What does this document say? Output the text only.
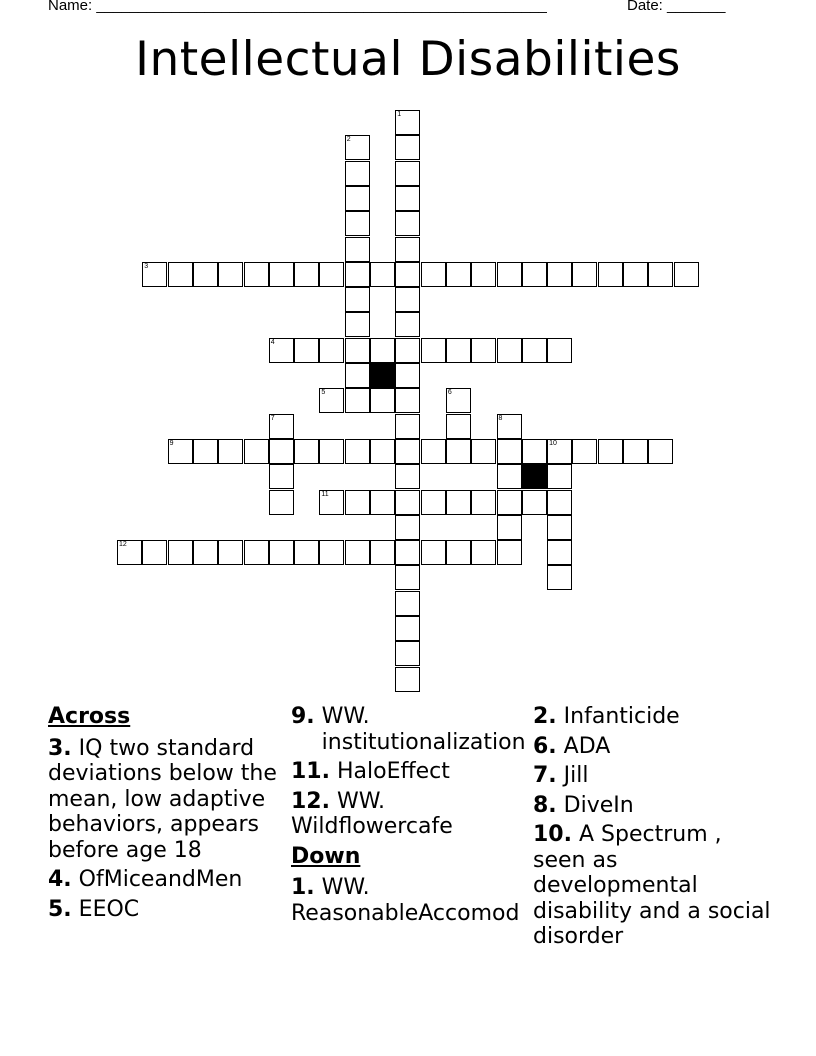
Name: ______________________________________________________	Date: _______
Intellectual Disabilities
1
2
3
4
5	6
7	8
9	10
11
12
Across
3. IQ two standard deviations below the mean, low adaptive behaviors, appears before age 18
4. OfMiceandMen
5. EEOC
9. WW. institutionalization
11. HaloEffect
12. WW. Wildflowercafe
Down
1. WW. ReasonableAccomod
2. Infanticide
6. ADA
7. Jill
8. DiveIn
10. A Spectrum , seen as developmental disability and a social disorder
